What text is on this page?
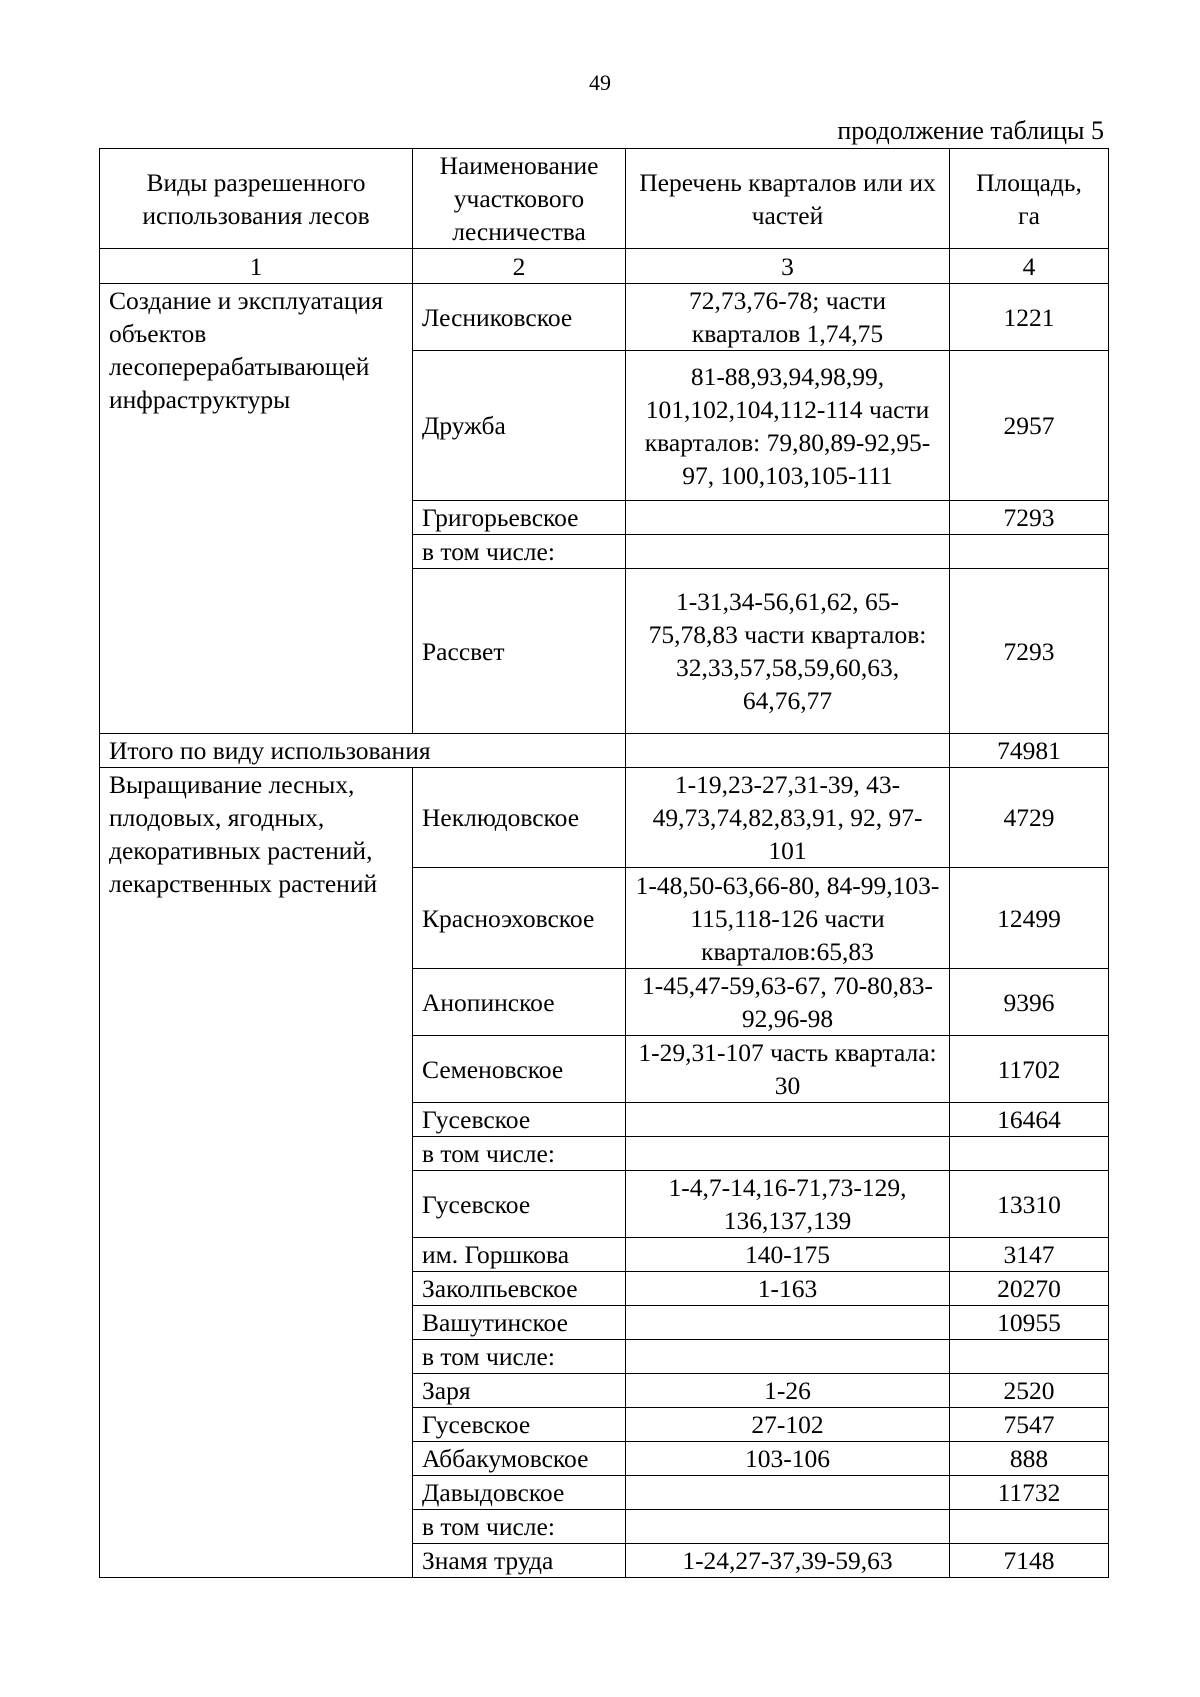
49
продолжение таблицы 5
Виды разрешенного использования лесов	Наименование участкового лесничества	Перечень кварталов или их частей	Площадь, га
1	2	3	4
Создание и эксплуатация объектов лесоперерабатывающей инфраструктуры	Лесниковское	72,73,76-78; части кварталов 1,74,75	1221
	Дружба	81-88,93,94,98,99, 101,102,104,112-114 части кварталов: 79,80,89-92,95-97, 100,103,105-111	2957
	Григорьевское		7293
	в том числе:		
	Рассвет	1-31,34-56,61,62, 65-75,78,83 части кварталов: 32,33,57,58,59,60,63, 64,76,77	7293
Итого по виду использования			74981
Выращивание лесных, плодовых, ягодных, декоративных растений, лекарственных растений	Неклюдовское	1-19,23-27,31-39, 43-49,73,74,82,83,91, 92, 97-101	4729
	Красноэховское	1-48,50-63,66-80, 84-99,103-115,118-126 части кварталов:65,83	12499
	Анопинское	1-45,47-59,63-67, 70-80,83-92,96-98	9396
	Семеновское	1-29,31-107 часть квартала: 30	11702
	Гусевское		16464
	в том числе:		
	Гусевское	1-4,7-14,16-71,73-129, 136,137,139	13310
	им. Горшкова	140-175	3147
	Заколпьевское	1-163	20270
	Вашутинское		10955
	в том числе:		
	Заря	1-26	2520
	Гусевское	27-102	7547
	Аббакумовское	103-106	888
	Давыдовское		11732
	в том числе:		
	Знамя труда	1-24,27-37,39-59,63	7148
